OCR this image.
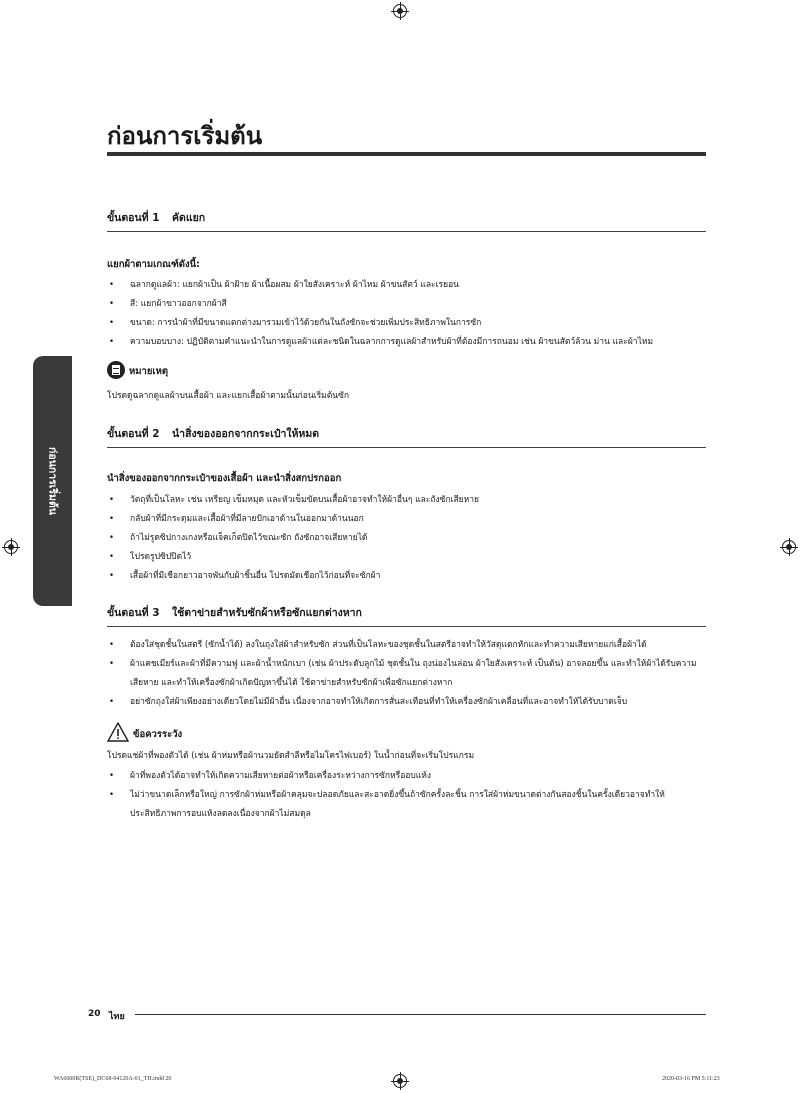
ก่อนการเริ่มต้น
ก่อนการเริ่มต้น
ขั้นตอนที่ 1 คัดแยก
แยกผ้าตามเกณฑ์ดังนี้:
• ฉลากดูแลผ้า: แยกผ้าเป็น ผ้าฝ้าย ผ้าเนื้อผสม ผ้าใยสังเคราะห์ ผ้าไหม ผ้าขนสัตว์ และเรยอน
• สี: แยกผ้าขาวออกจากผ้าสี
• ขนาด: การนำผ้าที่มีขนาดแตกต่างมารวมเข้าไว้ด้วยกันในถังซักจะช่วยเพิ่มประสิทธิภาพในการซัก
• ความบอบบาง: ปฏิบัติตามคำแนะนำในการดูแลผ้าแต่ละชนิดในฉลากการดูแลผ้าสำหรับผ้าที่ต้องมีการถนอม เช่น ผ้าขนสัตว์ล้วน ม่าน และผ้าไหม
หมายเหตุ
โปรดดูฉลากดูแลผ้าบนเสื้อผ้า และแยกเสื้อผ้าตามนั้นก่อนเริ่มต้นซัก
ขั้นตอนที่ 2 นำสิ่งของออกจากกระเป๋าให้หมด
นำสิ่งของออกจากกระเป๋าของเสื้อผ้า และนำสิ่งสกปรกออก
• วัตถุที่เป็นโลหะ เช่น เหรียญ เข็มหมุด และหัวเข็มขัดบนเสื้อผ้าอาจทำให้ผ้าอื่นๆ และถังซักเสียหาย
• กลับผ้าที่มีกระดุมและเสื้อผ้าที่มีลายปักเอาด้านในออกมาด้านนอก
• ถ้าไม่รูดซิปกางเกงหรือแจ็คเก็ตปิดไว้ขณะซัก ถังซักอาจเสียหายได้
• โปรดรูปซิปปิดไว้
• เสื้อผ้าที่มีเชือกยาวอาจพันกับผ้าชิ้นอื่น โปรดมัดเชือกไว้ก่อนที่จะซักผ้า
ขั้นตอนที่ 3 ใช้ตาข่ายสำหรับซักผ้าหรือซักแยกต่างหาก
• ต้องใส่ชุดชั้นในสตรี (ซักน้ำได้) ลงในถุงใส่ผ้าสำหรับซัก ส่วนที่เป็นโลหะของชุดชั้นในสตรีอาจทำให้วัสดุแตกหักและทำความเสียหายแก่เสื้อผ้าได้
• ผ้าแคชเมียร์และผ้าที่มีความฟู และผ้าน้ำหนักเบา (เช่น ผ้าประดับลูกไม้ ชุดชั้นใน ถุงน่องไนล่อน ผ้าใยสังเคราะห์ เป็นต้น) อาจลอยขึ้น และทำให้ผ้าได้รับความเสียหาย และทำให้เครื่องซักผ้าเกิดปัญหาขึ้นได้ ใช้ตาข่ายสำหรับซักผ้าเพื่อซักแยกต่างหาก
• อย่าซักถุงใส่ผ้าเพียงอย่างเดียวโดยไม่มีผ้าอื่น เนื่องจากอาจทำให้เกิดการสั่นสะเทือนที่ทำให้เครื่องซักผ้าเคลื่อนที่และอาจทำให้ได้รับบาดเจ็บ
ข้อควรระวัง
โปรดแช่ผ้าที่พองตัวได้ (เช่น ผ้าห่มหรือผ้านวมยัดสำลีหรือไมโครไฟเบอร์) ในน้ำก่อนที่จะเริ่มโปรแกรม
• ผ้าที่พองตัวได้อาจทำให้เกิดความเสียหายต่อผ้าหรือเครื่องระหว่างการซักหรืออบแห้ง
• ไม่ว่าขนาดเล็กหรือใหญ่ การซักผ้าห่มหรือผ้าคลุมจะปลอดภัยและสะอาดยิ่งขึ้นถ้าซักครั้งละชิ้น การใส่ผ้าห่มขนาดต่างกันสองชิ้นในครั้งเดียวอาจทำให้ประสิทธิภาพการอบแห้งลดลงเนื่องจากผ้าไม่สมดุล
20 ไทย
WA6000R(TSE)_DC68-04120A-01_TH.indd 20	2020-03-16 PM 5:11:23
